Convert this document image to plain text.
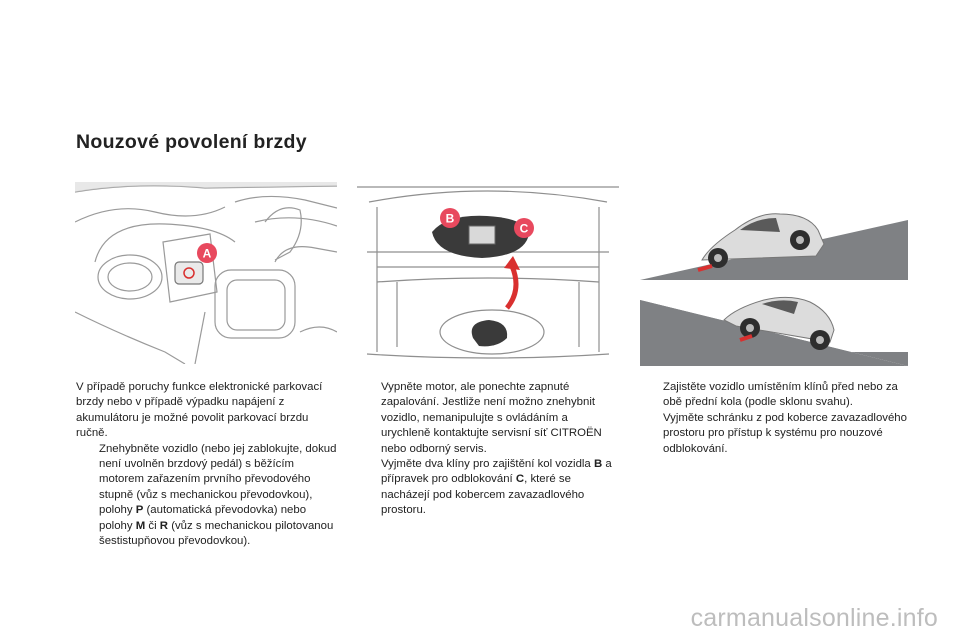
Nouzové povolení brzdy
A
B
C

V případě poruchy funkce elektronické parkovací brzdy nebo v případě výpadku napájení z akumulátoru je možné povolit parkovací brzdu ručně.

Znehybněte vozidlo (nebo jej zablokujte, dokud není uvolněn brzdový pedál) s běžícím motorem zařazením prvního převodového stupně (vůz s mechanickou převodovkou), polohy P (automatická převodovka) nebo polohy M či R (vůz s mechanickou pilotovanou šestistupňovou převodovkou).

Vypněte motor, ale ponechte zapnuté zapalování. Jestliže není možno znehybnit vozidlo, nemanipulujte s ovládáním a urychleně kontaktujte servisní síť CITROËN nebo odborný servis.

Vyjměte dva klíny pro zajištění kol vozidla B a přípravek pro odblokování C, které se nacházejí pod kobercem zavazadlového prostoru.

Zajistěte vozidlo umístěním klínů před nebo za obě přední kola (podle sklonu svahu).

Vyjměte schránku z pod koberce zavazadlového prostoru pro přístup k systému pro nouzové odblokování.

carmanualsonline.info
